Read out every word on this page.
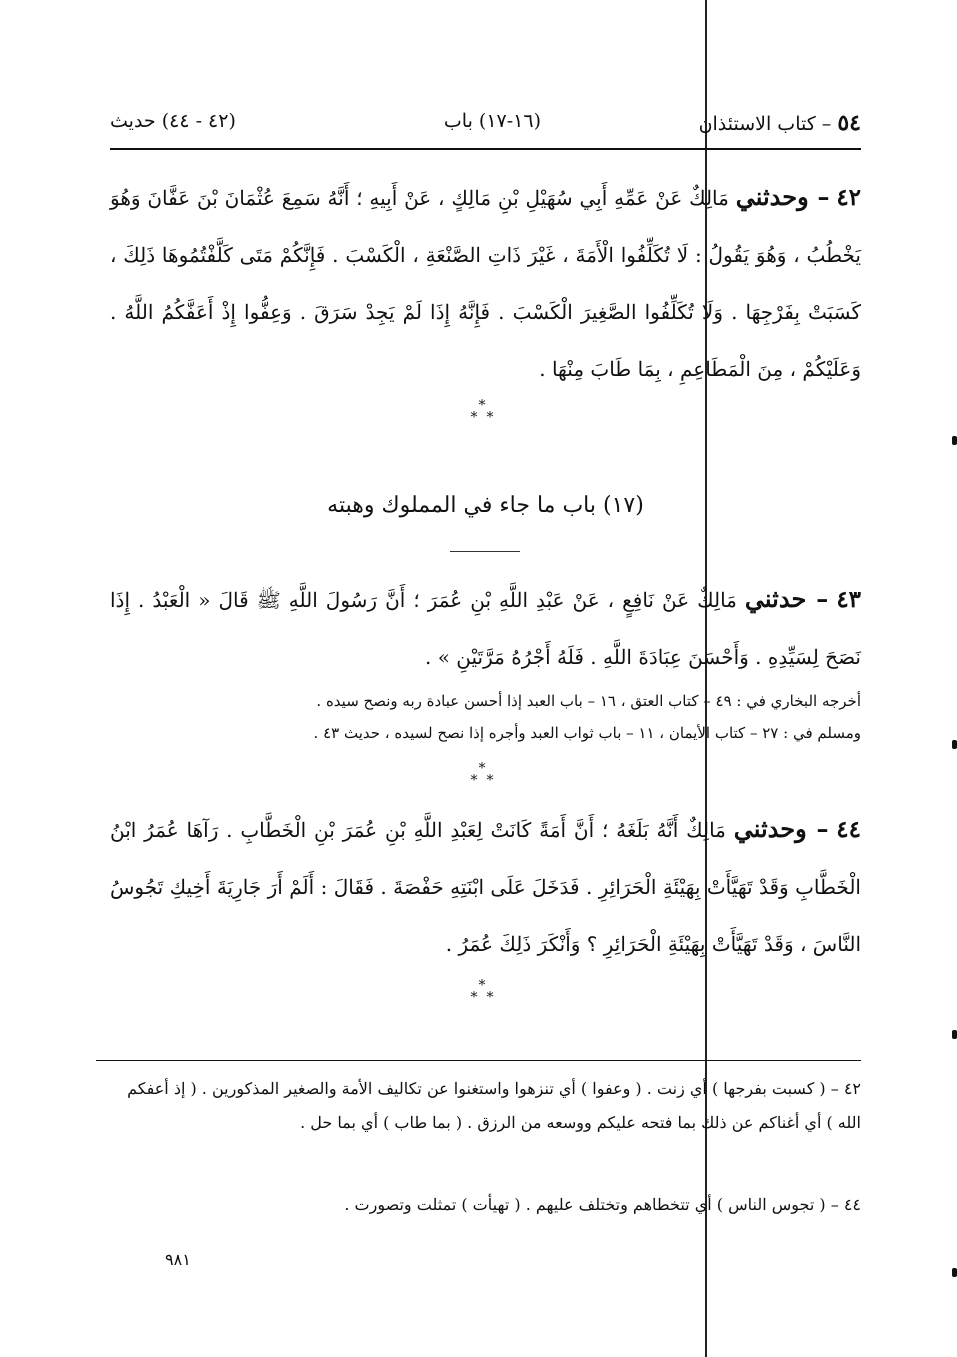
٥٤ – كتاب الاستئذان
(١٦-١٧) باب
(٤٢ - ٤٤) حديث

٤٢ – وحدثني مَالِكٌ عَنْ عَمِّهِ أَبِي سُهَيْلِ بْنِ مَالِكٍ ، عَنْ أَبِيهِ ؛ أَنَّهُ سَمِعَ عُثْمَانَ بْنَ عَفَّانَ وَهُوَ يَخْطُبُ ، وَهُوَ يَقُولُ : لَا تُكَلِّفُوا الْأَمَةَ ، غَيْرَ ذَاتِ الصَّنْعَةِ ، الْكَسْبَ . فَإِنَّكُمْ مَتَى كَلَّفْتُمُوهَا ذَلِكَ ، كَسَبَتْ بِفَرْجِهَا . وَلَا تُكَلِّفُوا الصَّغِيرَ الْكَسْبَ . فَإِنَّهُ إِذَا لَمْ يَجِدْ سَرَقَ . وَعِفُّوا إِذْ أَعَفَّكُمُ اللَّهُ . وَعَلَيْكُمْ ، مِنَ الْمَطَاعِمِ ، بِمَا طَابَ مِنْهَا .

⁎
⁎  ⁎
(١٧) باب ما جاء في المملوك وهبته

٤٣ – حدثني مَالِكٌ عَنْ نَافِعٍ ، عَنْ عَبْدِ اللَّهِ بْنِ عُمَرَ ؛ أَنَّ رَسُولَ اللَّهِ ﷺ قَالَ « الْعَبْدُ . إِذَا نَصَحَ لِسَيِّدِهِ . وَأَحْسَنَ عِبَادَةَ اللَّهِ . فَلَهُ أَجْرُهُ مَرَّتَيْنِ » .

أخرجه البخاري في : ٤٩ – كتاب العتق ، ١٦ – باب العبد إذا أحسن عبادة ربه ونصح سيده .
ومسلم في : ٢٧ – كتاب الأيمان ، ١١ – باب ثواب العبد وأجره إذا نصح لسيده ، حديث ٤٣ .
⁎
⁎  ⁎

٤٤ – وحدثني مَالِكٌ أَنَّهُ بَلَغَهُ ؛ أَنَّ أَمَةً كَانَتْ لِعَبْدِ اللَّهِ بْنِ عُمَرَ بْنِ الْخَطَّابِ . رَآهَا عُمَرُ ابْنُ الْخَطَّابِ وَقَدْ تَهَيَّأَتْ بِهَيْئَةِ الْحَرَائِرِ . فَدَخَلَ عَلَى ابْنَتِهِ حَفْصَةَ . فَقَالَ : أَلَمْ أَرَ جَارِيَةَ أَخِيكِ تَجُوسُ النَّاسَ ، وَقَدْ تَهَيَّأَتْ بِهَيْئَةِ الْحَرَائِرِ ؟ وَأَنْكَرَ ذَلِكَ عُمَرُ .

⁎
⁎  ⁎
٤٢ – ( كسبت بفرجها ) أي زنت . ( وعفوا ) أي تنزهوا واستغنوا عن تكاليف الأمة والصغير المذكورين . ( إذ أعفكم الله ) أي أغناكم عن ذلك بما فتحه عليكم ووسعه من الرزق . ( بما طاب ) أي بما حل .
٤٤ – ( تجوس الناس ) أي تتخطاهم وتختلف عليهم . ( تهيأت ) تمثلت وتصورت .
٩٨١
